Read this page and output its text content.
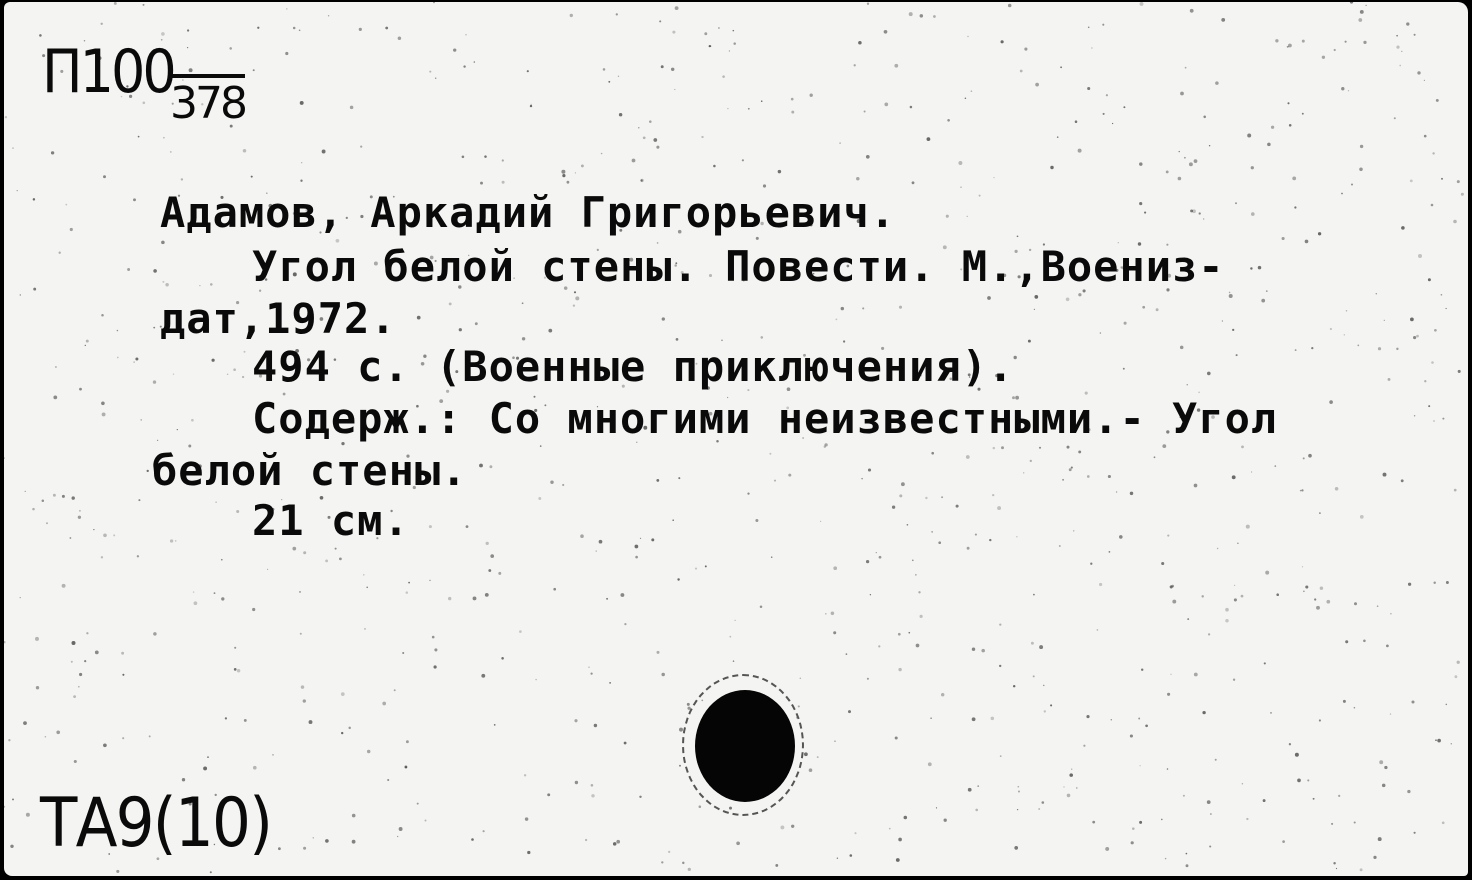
П100

378

Адамов, Аркадий Григорьевич.

Угол белой стены. Повести. М.,Воениз-

дат,1972.

494 с. (Военные приключения).

Содерж.: Со многими неизвестными.- Угол

белой стены.

21 см.

ТА9(10)
